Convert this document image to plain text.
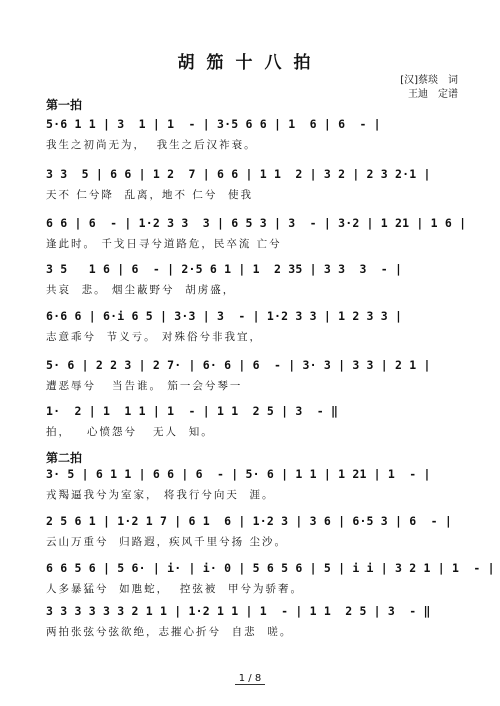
胡笳十八拍
[汉]蔡琰　词
王迪　定谱
第一拍
5·6 1 1 | 3  1 | 1  - | 3·5 6 6 | 1  6 | 6  - |
我生之初尚无为，  我生之后汉祚衰。
3 3  5 | 6 6 | 1 2  7 | 6 6 | 1 1  2 | 3 2 | 2 3 2·1 |
天不 仁兮降  乱离，地不 仁兮  使我
6 6 | 6  - | 1·2 3 3  3 | 6 5 3 | 3  - | 3·2 | 1 21 | 1 6 |
逢此时。 千戈日寻兮道路危，民卒流 亡兮
3 5   1 6 | 6  - | 2·5 6 1 | 1  2 35 | 3 3  3  - |
共哀  悲。 烟尘蔽野兮  胡虏盛，
6·6 6 | 6·i 6 5 | 3·3 | 3  - | 1·2 3 3 | 1 2 3 3 |
志意乖兮  节义亏。 对殊俗兮非我宜，
5· 6 | 2 2 3 | 2 7· | 6· 6 | 6  - | 3· 3 | 3 3 | 2 1 |
遭恶辱兮   当告谁。 笳一会兮琴一
1·  2 | 1  1 1 | 1  - | 1 1  2 5 | 3  - ‖
拍，   心愤怨兮   无人  知。
第二拍
3· 5 | 6 1 1 | 6 6 | 6  - | 5· 6 | 1 1 | 1 21 | 1  - |
戎羯逼我兮为室家， 将我行兮向天  涯。
2 5 6 1 | 1·2 1 7 | 6 1  6 | 1·2 3 | 3 6 | 6·5 3 | 6  - |
云山万重兮  归路遐，疾风千里兮扬 尘沙。
6 6 5 6 | 5 6· | i· | i· 0 | 5 6 5 6 | 5 | i i | 3 2 1 | 1  - |
人多暴猛兮  如虺蛇，  控弦被  甲兮为骄奢。
3 3 3 3 3 3 2 1 1 | 1·2 1 1 | 1  - | 1 1  2 5 | 3  - ‖
两拍张弦兮弦欲绝，志摧心折兮  自悲  嗟。
1 / 8
